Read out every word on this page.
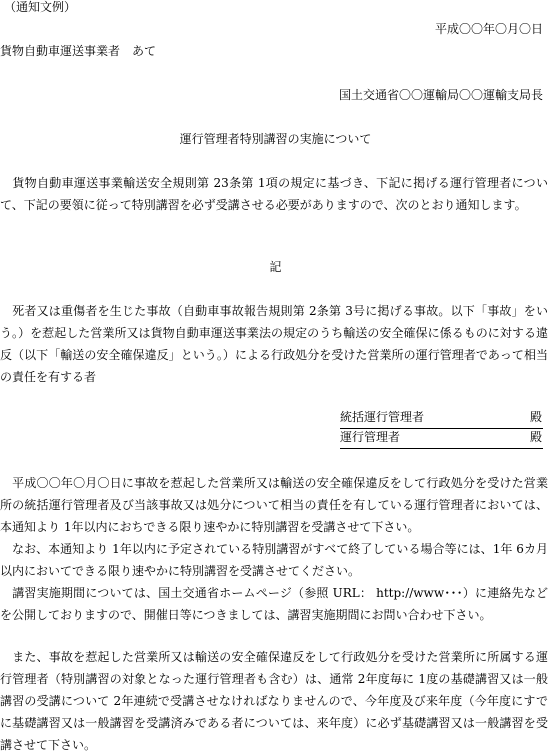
（通知文例）
平成〇〇年〇月〇日
貨物自動車運送事業者　あて
国土交通省〇〇運輸局〇〇運輸支局長
運行管理者特別講習の実施について
　貨物自動車運送事業輸送安全規則第 23条第 1項の規定に基づき、下記に掲げる運行管理者について、下記の要領に従って特別講習を必ず受講させる必要がありますので、次のとおり通知します。
記
　死者又は重傷者を生じた事故（自動車事故報告規則第 2条第 3号に掲げる事故。以下「事故」をいう。）を惹起した営業所又は貨物自動車運送事業法の規定のうち輸送の安全確保に係るものに対する違反（以下「輸送の安全確保違反」という。）による行政処分を受けた営業所の運行管理者であって相当の責任を有する者
統括運行管理者	殿
運行管理者	殿
　平成〇〇年〇月〇日に事故を惹起した営業所又は輸送の安全確保違反をして行政処分を受けた営業所の統括運行管理者及び当該事故又は処分について相当の責任を有している運行管理者においては、本通知より 1年以内におちできる限り速やかに特別講習を受講させて下さい。
　なお、本通知より 1年以内に予定されている特別講習がすべて終了している場合等には、1年 6カ月以内においてできる限り速やかに特別講習を受講させてください。
　講習実施期間については、国土交通省ホームページ（参照 URL： http://www･･･）に連絡先などを公開しておりますので、開催日等につきましては、講習実施期間にお問い合わせ下さい。
　また、事故を惹起した営業所又は輸送の安全確保違反をして行政処分を受けた営業所に所属する運行管理者（特別講習の対象となった運行管理者も含む）は、通常 2年度毎に 1度の基礎講習又は一般講習の受講について 2年連続で受講させなければなりませんので、今年度及び来年度（今年度にすでに基礎講習又は一般講習を受講済みである者については、来年度）に必ず基礎講習又は一般講習を受講させて下さい。
